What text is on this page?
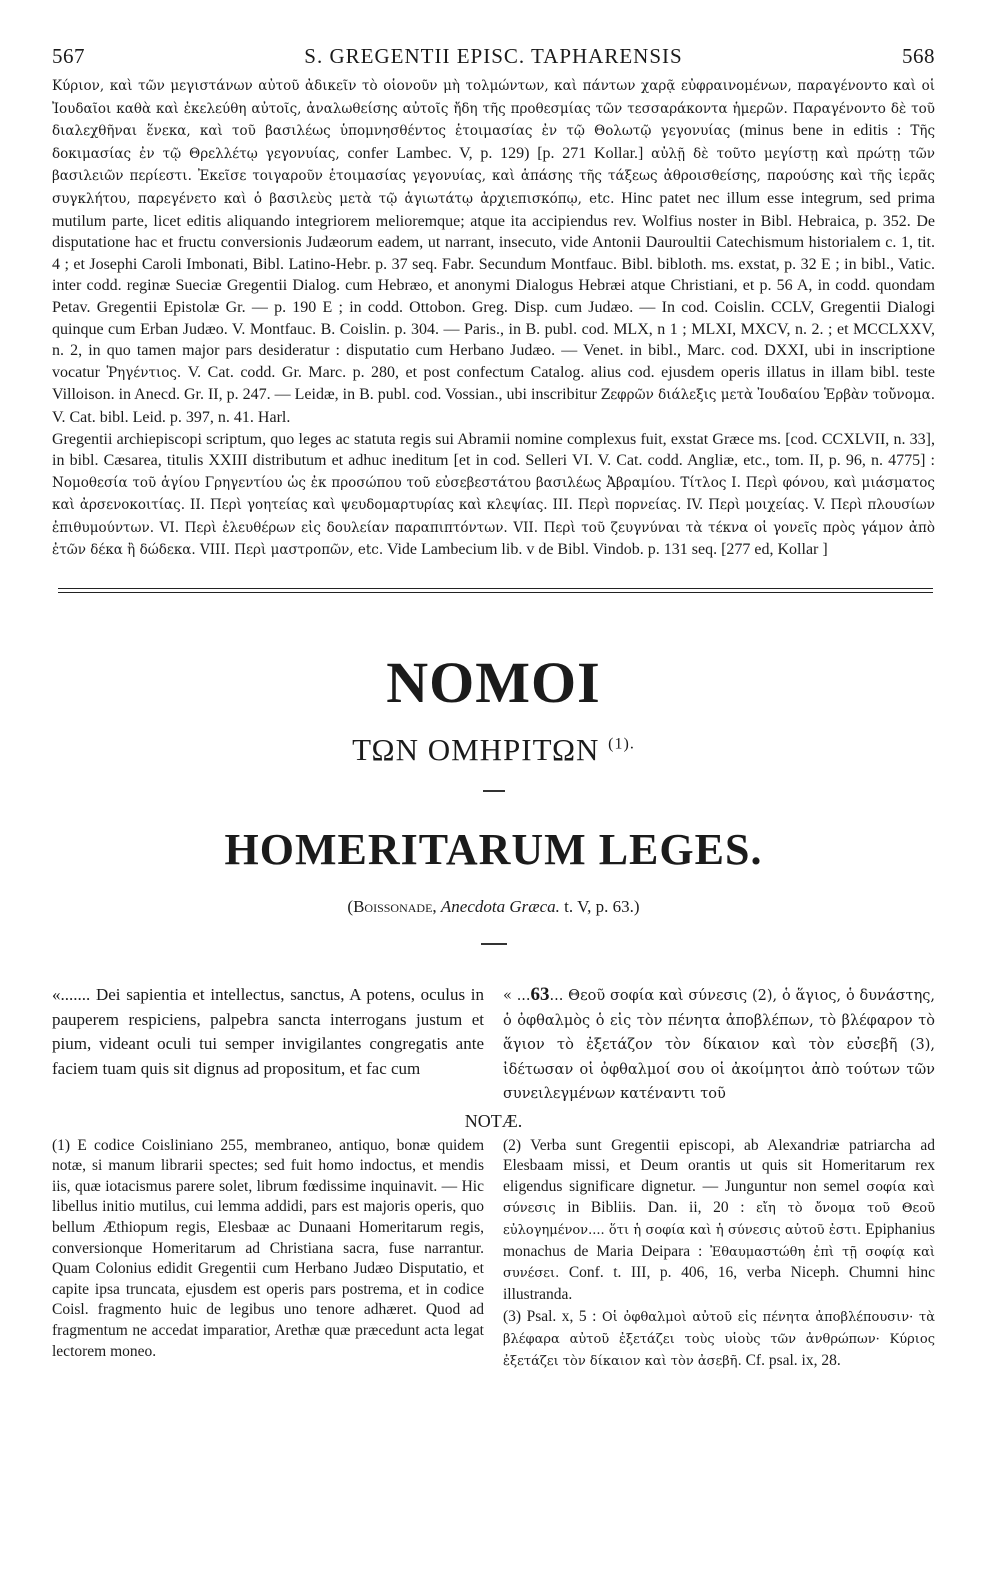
567	S. GREGENTII EPISC. TAPHARENSIS	568

Κύριον, καὶ τῶν μεγιστάνων αὐτοῦ ἀδικεῖν τὸ οἱονοῦν μὴ τολμώντων, καὶ πάντων χαρᾷ εὐφραινομένων, παραγένοντο καὶ οἱ Ἰουδαῖοι καθὰ καὶ ἐκελεύθη αὐτοῖς, ἀναλωθείσης αὐτοῖς ἤδη τῆς προθεσμίας τῶν τεσσαράκοντα ἡμερῶν. Παραγένοντο δὲ τοῦ διαλεχθῆναι ἕνεκα, καὶ τοῦ βασιλέως ὑπομνησθέντος ἑτοιμασίας ἐν τῷ Θολωτῷ γεγονυίας (minus bene in editis : Τῆς δοκιμασίας ἐν τῷ Θρελλέτῳ γεγονυίας, confer Lambec. V, p. 129) [p. 271 Kollar.] αὐλῇ δὲ τοῦτο μεγίστῃ καὶ πρώτῃ τῶν βασιλειῶν περίεστι. Ἐκεῖσε τοιγαροῦν ἑτοιμασίας γεγονυίας, καὶ ἁπάσης τῆς τάξεως ἀθροισθείσης, παρούσης καὶ τῆς ἱερᾶς συγκλήτου, παρεγένετο καὶ ὁ βασιλεὺς μετὰ τῷ ἁγιωτάτῳ ἀρχιεπισκόπῳ, etc. Hinc patet nec illum esse integrum, sed prima mutilum parte, licet editis aliquando integriorem melioremque; atque ita accipiendus rev. Wolfius noster in Bibl. Hebraica, p. 352. De disputatione hac et fructu conversionis Judæorum eadem, ut narrant, insecuto, vide Antonii Dauroultii Catechismum historialem c. 1, tit. 4 ; et Josephi Caroli Imbonati, Bibl. Latino-Hebr. p. 37 seq. Fabr. Secundum Montfauc. Bibl. bibloth. ms. exstat, p. 32 E ; in bibl., Vatic. inter codd. reginæ Sueciæ Gregentii Dialog. cum Hebræo, et anonymi Dialogus Hebræi atque Christiani, et p. 56 A, in codd. quondam Petav. Gregentii Epistolæ Gr. — p. 190 E ; in codd. Ottobon. Greg. Disp. cum Judæo. — In cod. Coislin. CCLV, Gregentii Dialogi quinque cum Erban Judæo. V. Montfauc. B. Coislin. p. 304. — Paris., in B. publ. cod. MLX, n 1 ; MLXI, MXCV, n. 2. ; et MCCLXXV, n. 2, in quo tamen major pars desideratur : disputatio cum Herbano Judæo. — Venet. in bibl., Marc. cod. DXXI, ubi in inscriptione vocatur Ῥηγέντιος. V. Cat. codd. Gr. Marc. p. 280, et post confectum Catalog. alius cod. ejusdem operis illatus in illam bibl. teste Villoison. in Anecd. Gr. II, p. 247. — Leidæ, in B. publ. cod. Vossian., ubi inscribitur Ζεφρῶν διάλεξις μετὰ Ἰουδαίου Ἑρβὰν τοὔνομα. V. Cat. bibl. Leid. p. 397, n. 41. Harl.

Gregentii archiepiscopi scriptum, quo leges ac statuta regis sui Abramii nomine complexus fuit, exstat Græce ms. [cod. CCXLVII, n. 33], in bibl. Cæsarea, titulis XXIII distributum et adhuc ineditum [et in cod. Selleri VI. V. Cat. codd. Angliæ, etc., tom. II, p. 96, n. 4775] : Νομοθεσία τοῦ ἁγίου Γρηγεντίου ὡς ἐκ προσώπου τοῦ εὐσεβεστάτου βασιλέως Ἀβραμίου. Τίτλος Ι. Περὶ φόνου, καὶ μιάσματος καὶ ἀρσενοκοιτίας. ΙΙ. Περὶ γοητείας καὶ ψευδομαρτυρίας καὶ κλεψίας. ΙΙΙ. Περὶ πορνείας. IV. Περὶ μοιχείας. V. Περὶ πλουσίων ἐπιθυμούντων. VI. Περὶ ἐλευθέρων εἰς δουλείαν παραπιπτόντων. VII. Περὶ τοῦ ζευγνύναι τὰ τέκνα οἱ γονεῖς πρὸς γάμον ἀπὸ ἐτῶν δέκα ἢ δώδεκα. VIII. Περὶ μαστροπῶν, etc. Vide Lambecium lib. v de Bibl. Vindob. p. 131 seq. [277 ed, Kollar ]

ΝΟΜΟΙ
ΤΩΝ ΟΜΗΡΙΤΩΝ $^{(1).}$
HOMERITARUM LEGES.
(Boissonade, Anecdota Græca. t. V, p. 63.)

«....... Dei sapientia et intellectus, sanctus, A potens, oculus in pauperem respiciens, palpebra sancta interrogans justum et pium, videant oculi tui semper invigilantes congregatis ante faciem tuam quis sit dignus ad propositum, et fac cum

« ...63... Θεοῦ σοφία καὶ σύνεσις (2), ὁ ἅγιος, ὁ δυνάστης, ὁ ὀφθαλμὸς ὁ εἰς τὸν πένητα ἀποβλέπων, τὸ βλέφαρον τὸ ἅγιον τὸ ἐξετάζον τὸν δίκαιον καὶ τὸν εὐσεβῆ (3), ἰδέτωσαν οἱ ὀφθαλμοί σου οἱ ἀκοίμητοι ἀπὸ τούτων τῶν συνειλεγμένων κατέναντι τοῦ

NOTÆ.

(1) E codice Coisliniano 255, membraneo, antiquo, bonæ quidem notæ, si manum librarii spectes; sed fuit homo indoctus, et mendis iis, quæ iotacismus parere solet, librum fœdissime inquinavit. — Hic libellus initio mutilus, cui lemma addidi, pars est majoris operis, quo bellum Æthiopum regis, Elesbaæ ac Dunaani Homeritarum regis, conversionque Homeritarum ad Christiana sacra, fuse narrantur. Quam Colonius edidit Gregentii cum Herbano Judæo Disputatio, et capite ipsa truncata, ejusdem est operis pars postrema, et in codice Coisl. fragmento huic de legibus uno tenore adhæret. Quod ad fragmentum ne accedat imparatior, Arethæ quæ præcedunt acta legat lectorem moneo.

(2) Verba sunt Gregentii episcopi, ab Alexandriæ patriarcha ad Elesbaam missi, et Deum orantis ut quis sit Homeritarum rex eligendus significare dignetur. — Junguntur non semel σοφία καὶ σύνεσις in Bibliis. Dan. ii, 20 : εἴη τὸ ὄνομα τοῦ Θεοῦ εὐλογημένον.... ὅτι ἡ σοφία καὶ ἡ σύνεσις αὐτοῦ ἐστι. Epiphanius monachus de Maria Deipara : Ἐθαυμαστώθη ἐπὶ τῇ σοφίᾳ καὶ συνέσει. Conf. t. III, p. 406, 16, verba Niceph. Chumni hinc illustranda.

(3) Psal. x, 5 : Οἱ ὀφθαλμοὶ αὐτοῦ εἰς πένητα ἀποβλέπουσιν· τὰ βλέφαρα αὐτοῦ ἐξετάζει τοὺς υἱοὺς τῶν ἀνθρώπων· Κύριος ἐξετάζει τὸν δίκαιον καὶ τὸν ἀσεβῆ. Cf. psal. ix, 28.
